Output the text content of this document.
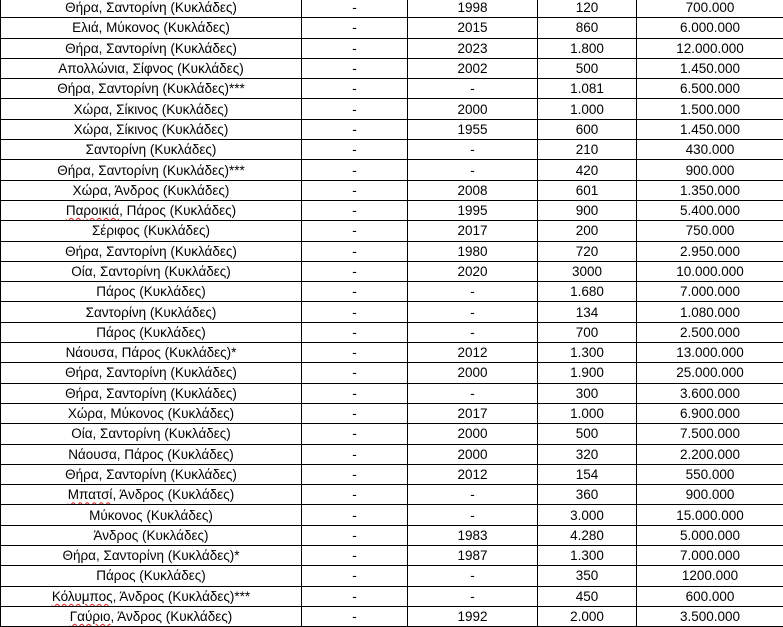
Θήρα, Σαντορίνη (Κυκλάδες)	-	1998	120	700.000
Ελιά, Μύκονος (Κυκλάδες)	-	2015	860	6.000.000
Θήρα, Σαντορίνη (Κυκλάδες)	-	2023	1.800	12.000.000
Απολλώνια, Σίφνος (Κυκλάδες)	-	2002	500	1.450.000
Θήρα, Σαντορίνη (Κυκλάδες)***	-	-	1.081	6.500.000
Χώρα, Σίκινος (Κυκλάδες)	-	2000	1.000	1.500.000
Χώρα, Σίκινος (Κυκλάδες)	-	1955	600	1.450.000
Σαντορίνη (Κυκλάδες)	-	-	210	430.000
Θήρα, Σαντορίνη (Κυκλάδες)***	-	-	420	900.000
Χώρα, Άνδρος (Κυκλάδες)	-	2008	601	1.350.000
Παροικιά, Πάρος (Κυκλάδες)	-	1995	900	5.400.000
Σέριφος (Κυκλάδες)	-	2017	200	750.000
Θήρα, Σαντορίνη (Κυκλάδες)	-	1980	720	2.950.000
Οία, Σαντορίνη (Κυκλάδες)	-	2020	3000	10.000.000
Πάρος (Κυκλάδες)	-	-	1.680	7.000.000
Σαντορίνη (Κυκλάδες)	-	-	134	1.080.000
Πάρος (Κυκλάδες)	-	-	700	2.500.000
Νάουσα, Πάρος (Κυκλάδες)*	-	2012	1.300	13.000.000
Θήρα, Σαντορίνη (Κυκλάδες)	-	2000	1.900	25.000.000
Θήρα, Σαντορίνη (Κυκλάδες)	-	-	300	3.600.000
Χώρα, Μύκονος (Κυκλάδες)	-	2017	1.000	6.900.000
Οία, Σαντορίνη (Κυκλάδες)	-	2000	500	7.500.000
Νάουσα, Πάρος (Κυκλάδες)	-	2000	320	2.200.000
Θήρα, Σαντορίνη (Κυκλάδες)	-	2012	154	550.000
Μπατσί, Άνδρος (Κυκλάδες)	-	-	360	900.000
Μύκονος (Κυκλάδες)	-	-	3.000	15.000.000
Άνδρος (Κυκλάδες)	-	1983	4.280	5.000.000
Θήρα, Σαντορίνη (Κυκλάδες)*	-	1987	1.300	7.000.000
Πάρος (Κυκλάδες)	-	-	350	1200.000
Κόλυμπος, Άνδρος (Κυκλάδες)***	-	-	450	600.000
Γαύριο, Άνδρος (Κυκλάδες)	-	1992	2.000	3.500.000
